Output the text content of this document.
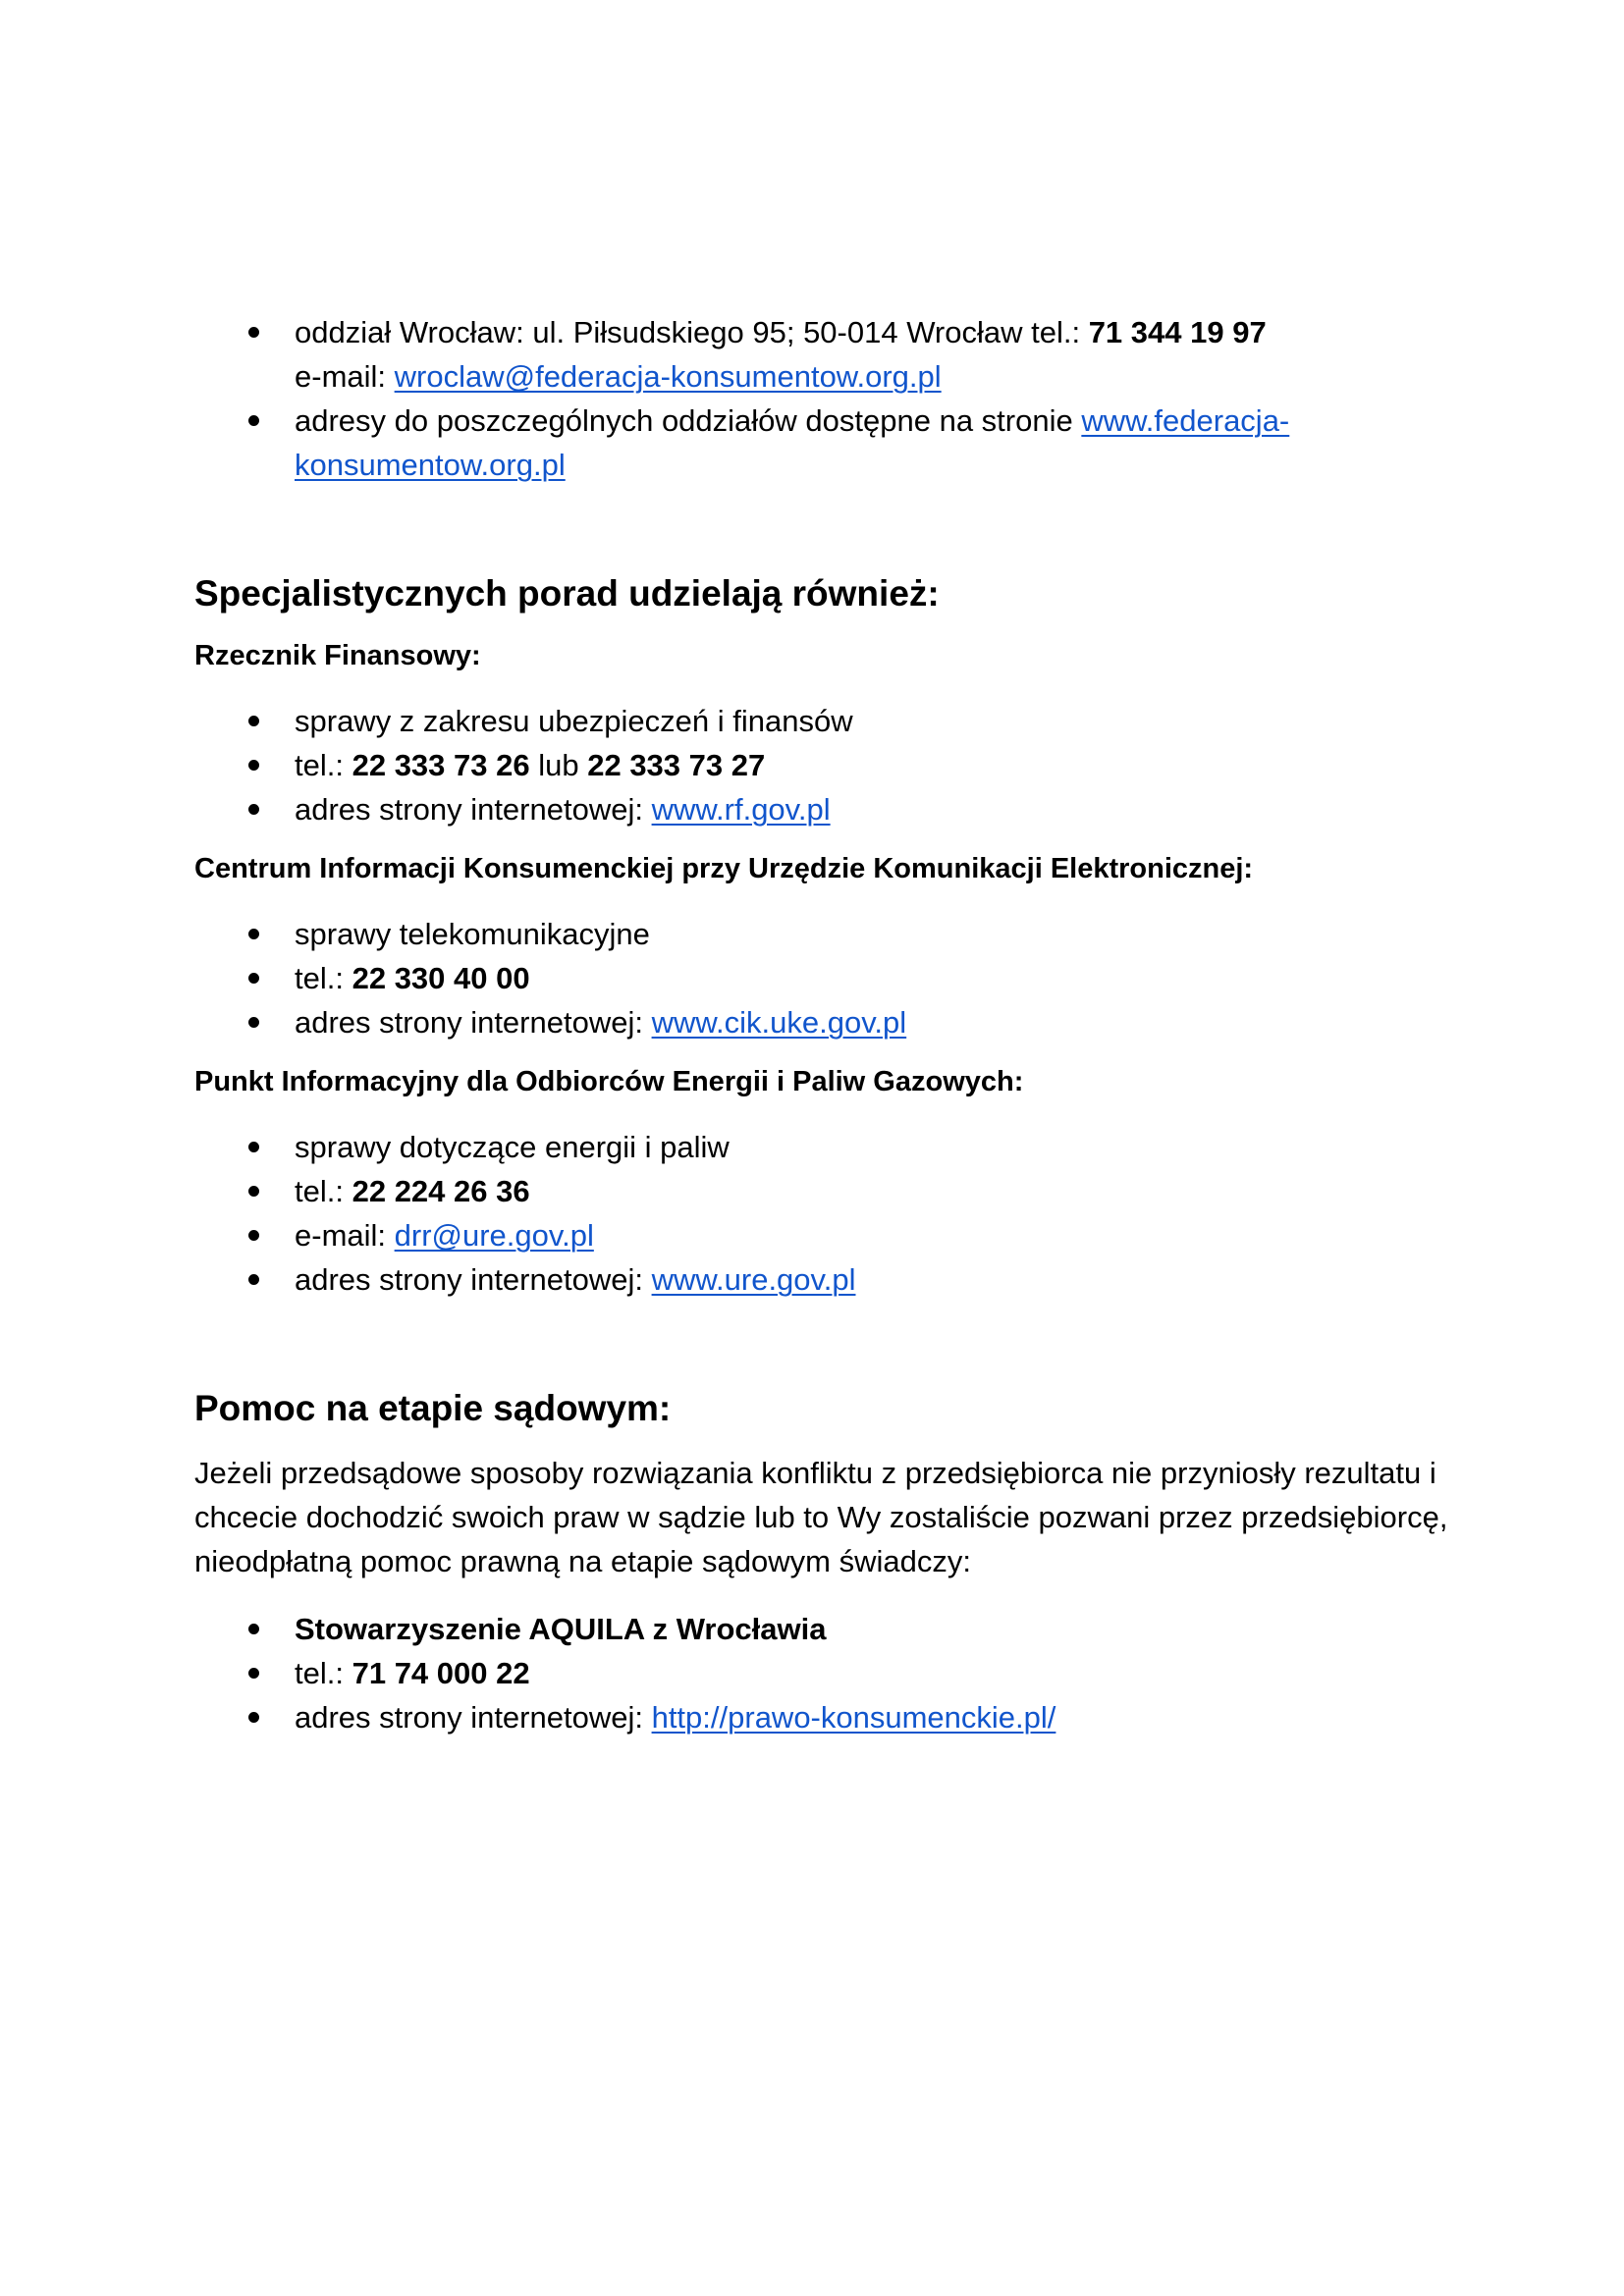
oddział Wrocław: ul. Piłsudskiego 95; 50-014 Wrocław tel.: 71 344 19 97
e-mail: wroclaw@federacja-konsumentow.org.pl
adresy do poszczególnych oddziałów dostępne na stronie www.federacja-
konsumentow.org.pl
Specjalistycznych porad udzielają również:

Rzecznik Finansowy:

sprawy z zakresu ubezpieczeń i finansów
tel.: 22 333 73 26 lub 22 333 73 27
adres strony internetowej: www.rf.gov.pl

Centrum Informacji Konsumenckiej przy Urzędzie Komunikacji Elektronicznej:

sprawy telekomunikacyjne
tel.: 22 330 40 00
adres strony internetowej: www.cik.uke.gov.pl

Punkt Informacyjny dla Odbiorców Energii i Paliw Gazowych:

sprawy dotyczące energii i paliw
tel.: 22 224 26 36
e-mail: drr@ure.gov.pl
adres strony internetowej: www.ure.gov.pl
Pomoc na etapie sądowym:

Jeżeli przedsądowe sposoby rozwiązania konfliktu z przedsiębiorca nie przyniosły rezultatu i
chcecie dochodzić swoich praw w sądzie lub to Wy zostaliście pozwani przez przedsiębiorcę,
nieodpłatną pomoc prawną na etapie sądowym świadczy:

Stowarzyszenie AQUILA z Wrocławia
tel.: 71 74 000 22
adres strony internetowej: http://prawo-konsumenckie.pl/
